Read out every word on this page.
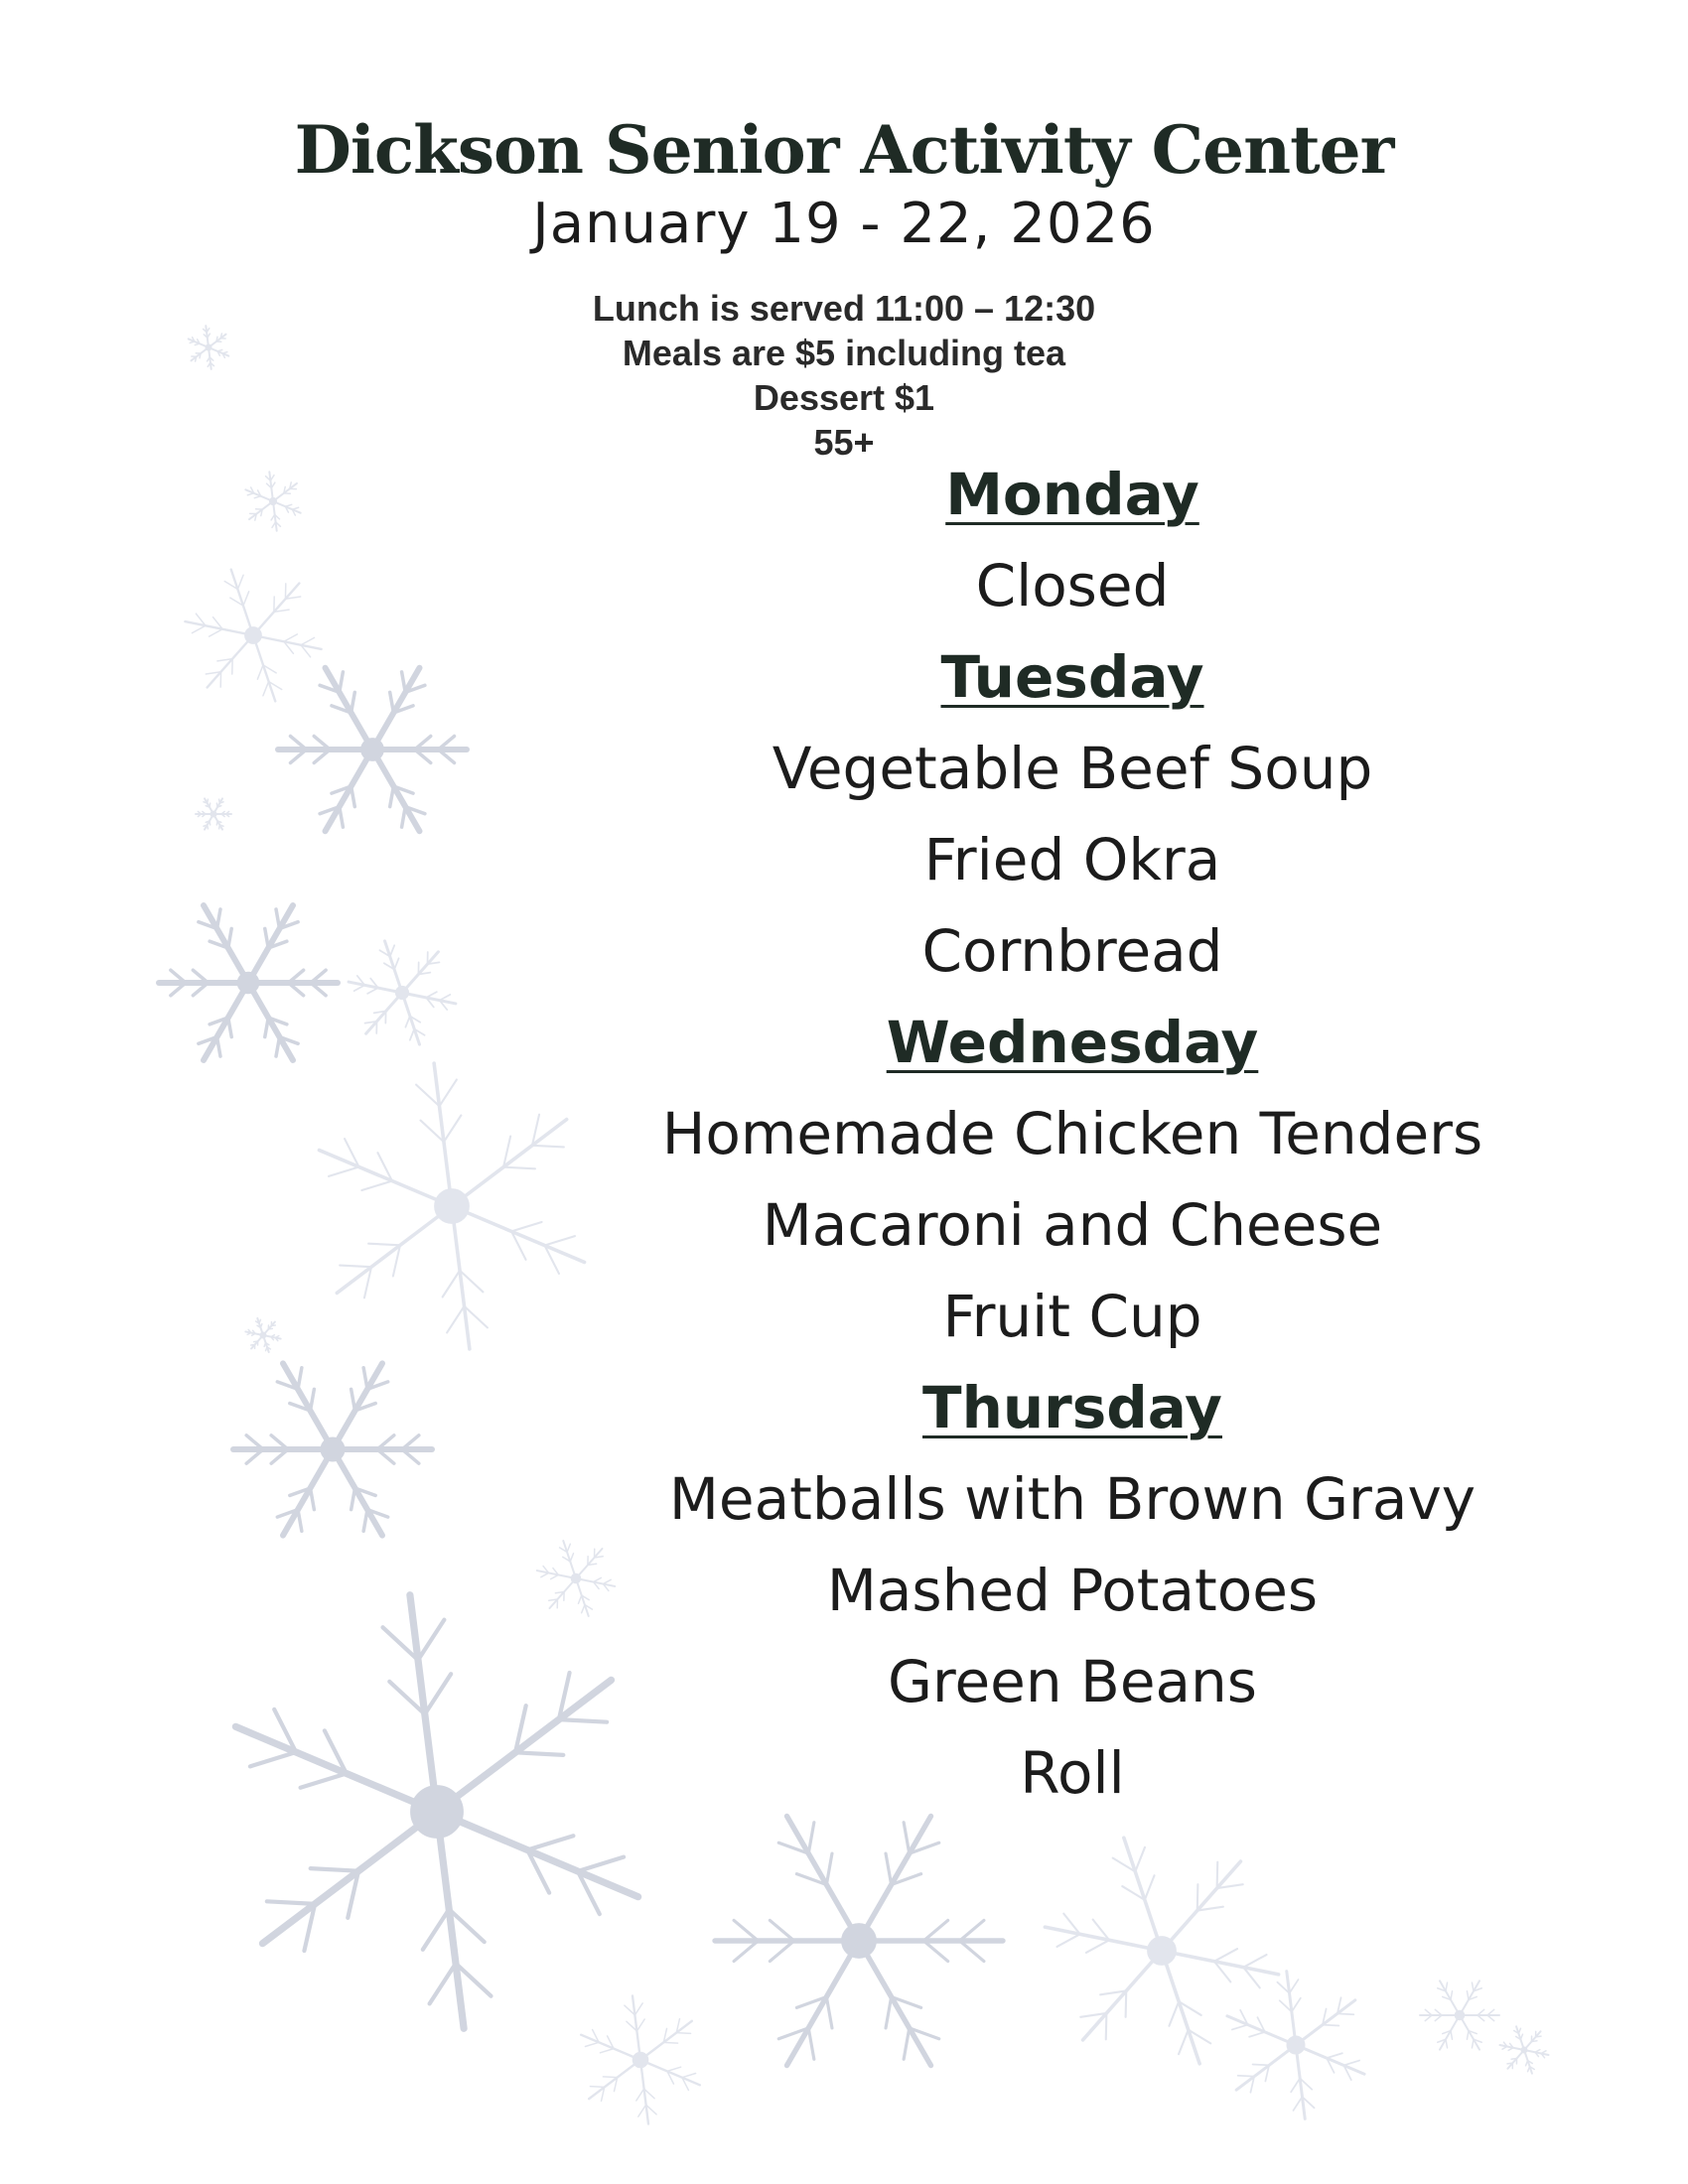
Dickson Senior Activity Center
January 19 - 22, 2026
Lunch is served 11:00 – 12:30
Meals are $5 including tea
Dessert $1
55+
Monday
Closed
Tuesday
Vegetable Beef Soup
Fried Okra
Cornbread
Wednesday
Homemade Chicken Tenders
Macaroni and Cheese
Fruit Cup
Thursday
Meatballs with Brown Gravy
Mashed Potatoes
Green Beans
Roll
